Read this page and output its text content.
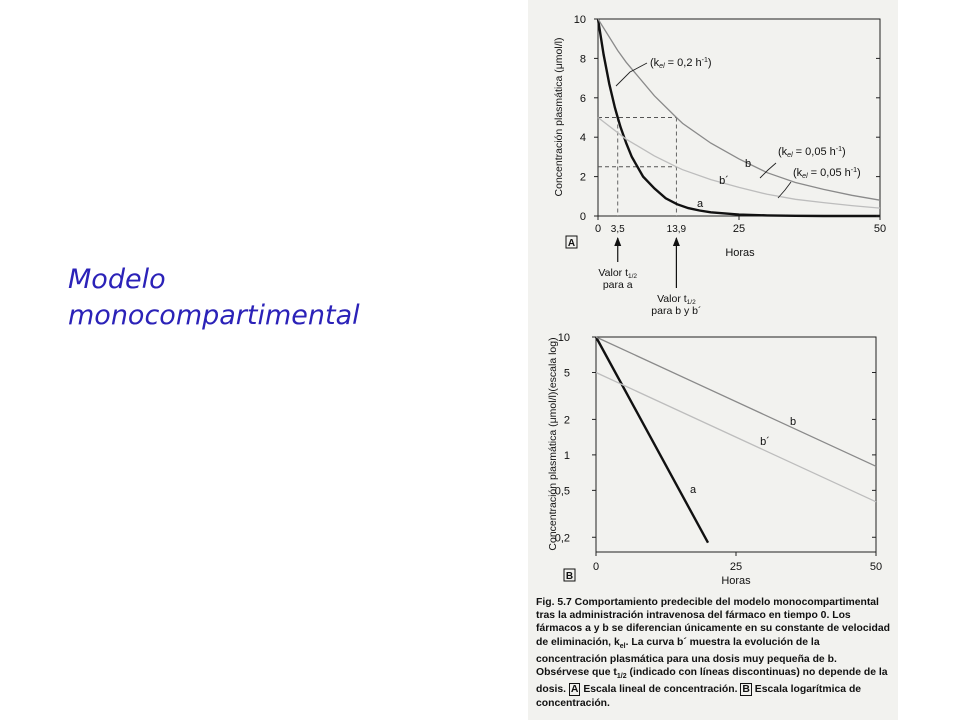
Modelo
monocompartimental
a
b
b´
0
2
4
6
8
10
0	25	50
3,5	13,9
Horas
Concentración plasmática (μmol/l)
A
(kel = 0,2 $h^{-1}$)
(kel = 0,05 $h^{-1}$)
(kel = 0,05 $h^{-1}$)
Valor t1/2
para a
Valor t1/2
para b y b´
a
b
b´
10
5
2
1
0,5
0,2
0	25	50
Horas
Concentración plasmática (μmol/l)(escala log)
B
Fig. 5.7 Comportamiento predecible del modelo monocompartimental tras la administración intravenosa del fármaco en tiempo 0. Los fármacos a y b se diferencian únicamente en su constante de velocidad de eliminación, $k_{el}$. La curva b´ muestra la evolución de la concentración plasmática para una dosis muy pequeña de b. Obsérvese que $t_{1/2}$ (indicado con líneas discontinuas) no depende de la dosis. A Escala lineal de concentración. B Escala logarítmica de concentración.
